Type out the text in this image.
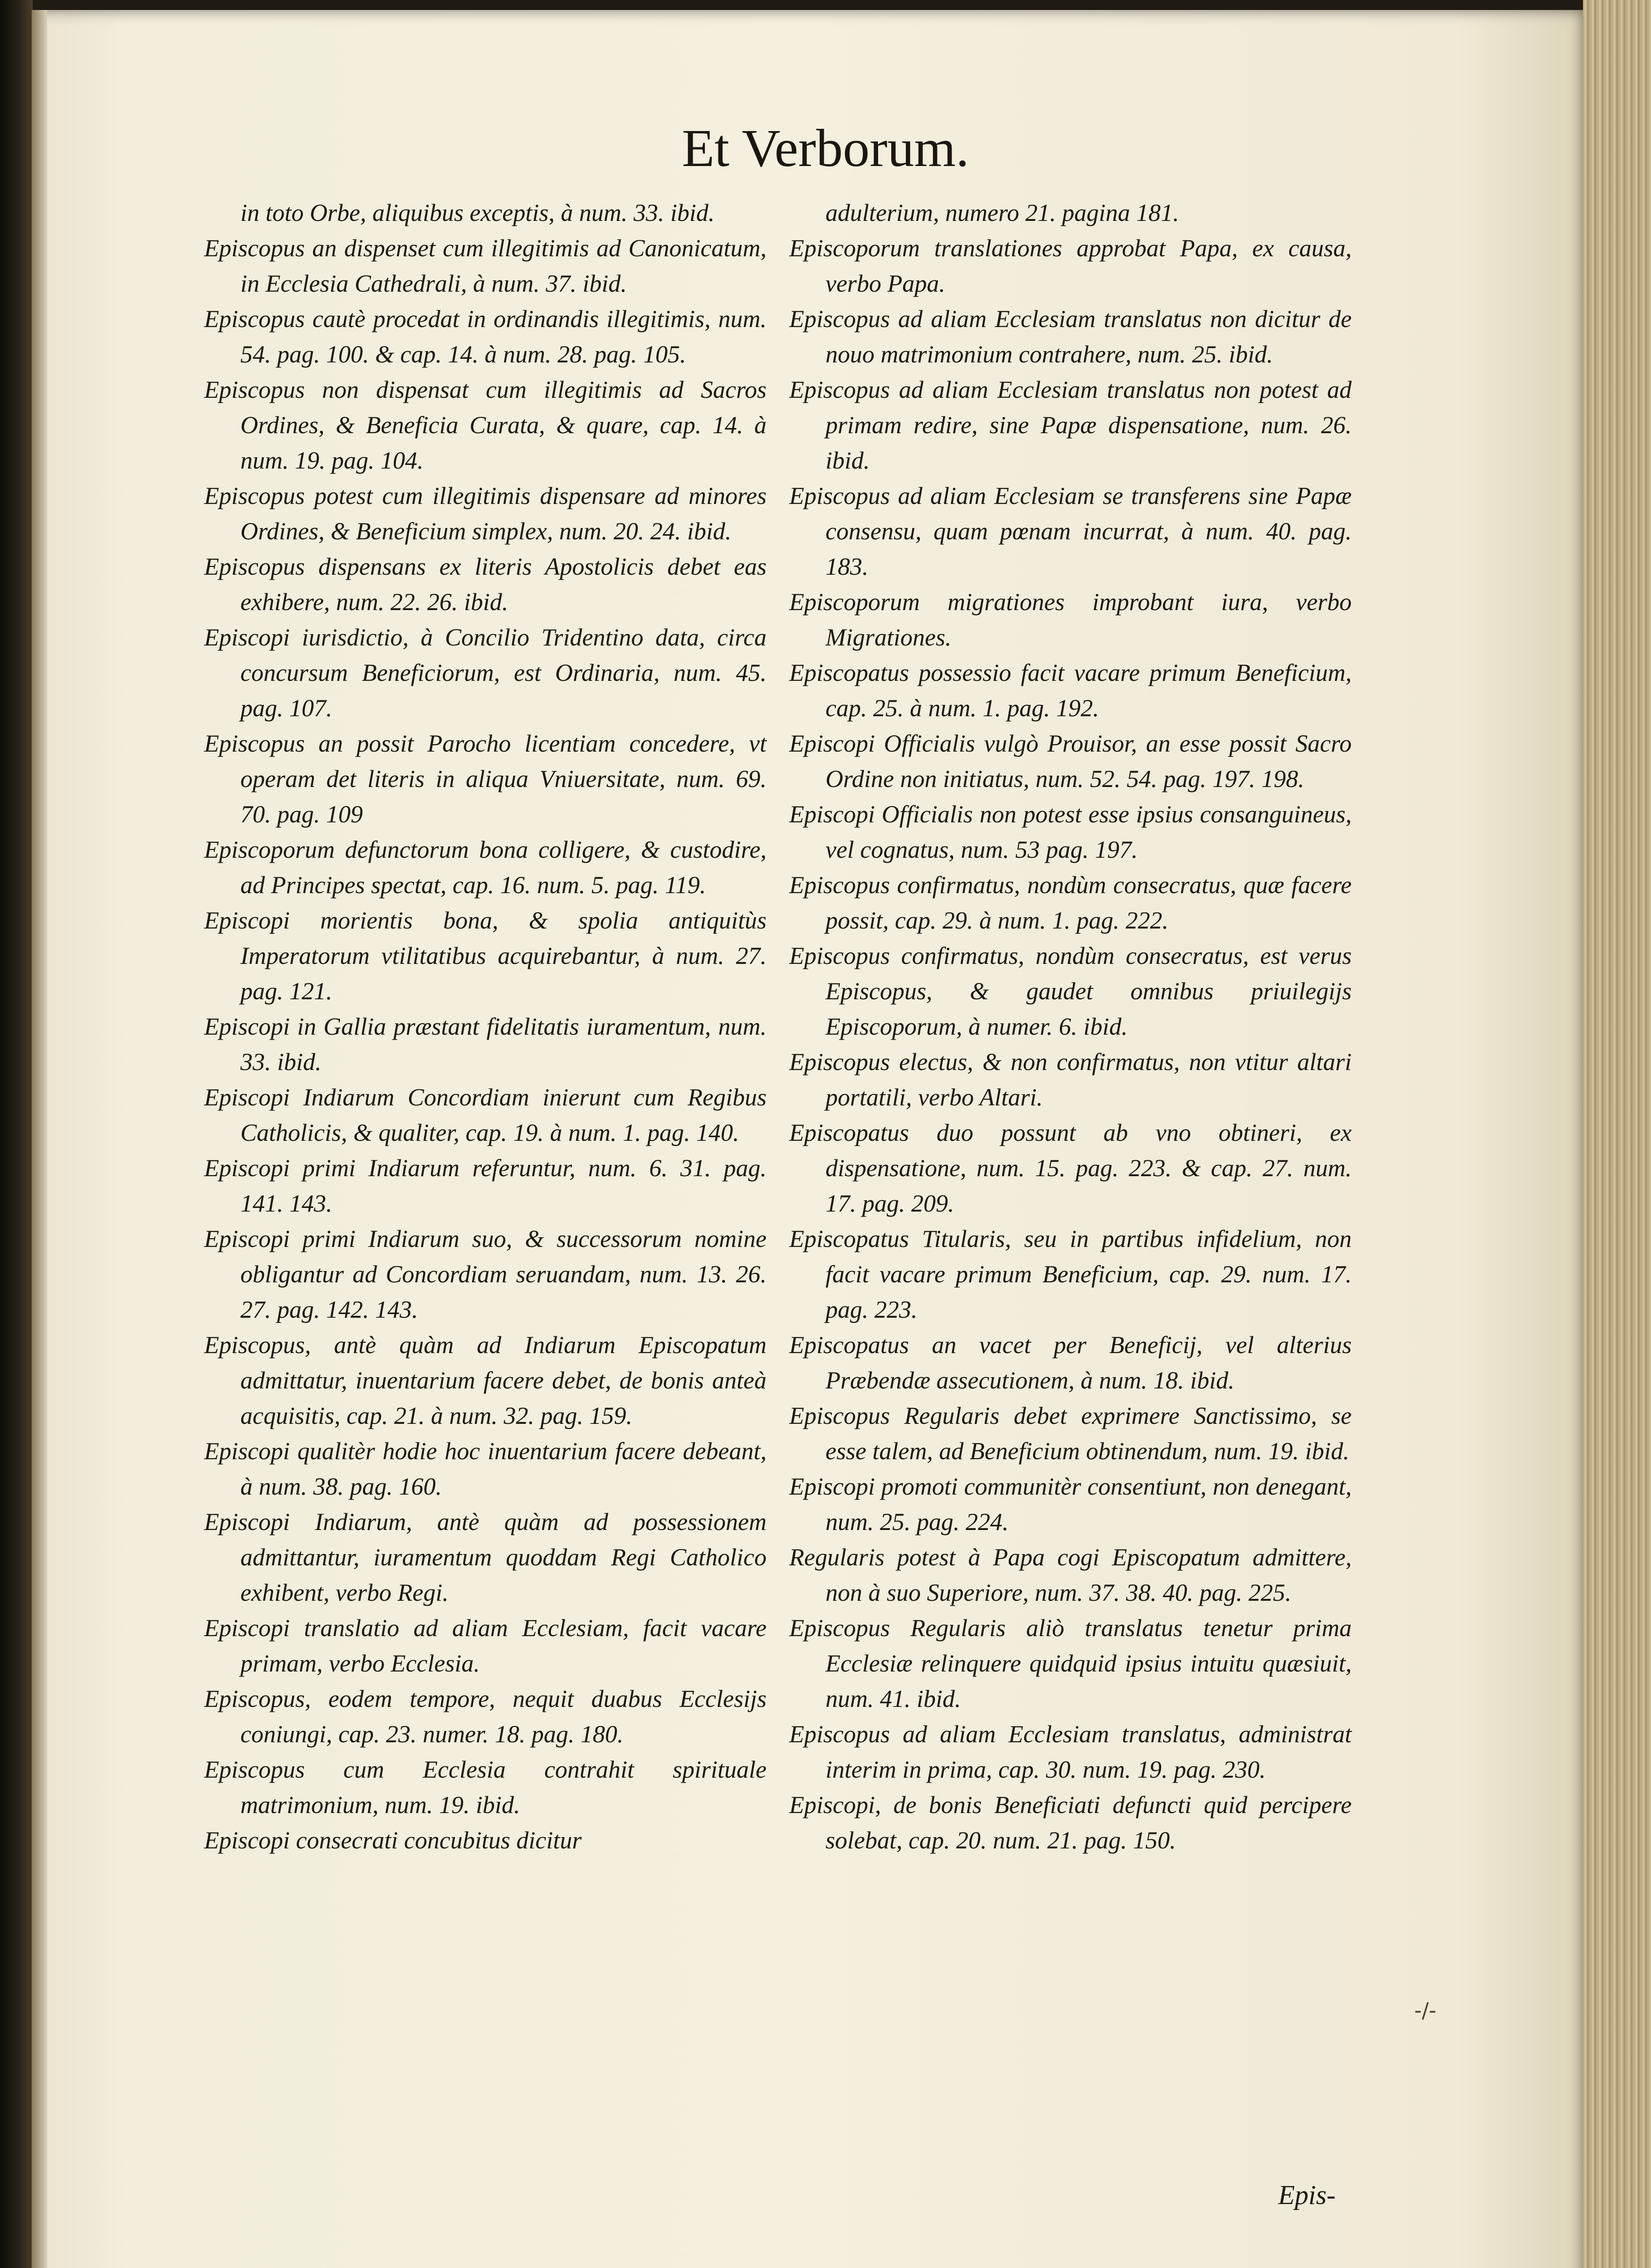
Et Verborum.
in toto Orbe, aliquibus exceptis, à num. 33. ibid.
Episcopus an dispenset cum illegitimis ad Canonicatum, in Ecclesia Cathedrali, à num. 37. ibid.
Episcopus cautè procedat in ordinandis illegitimis, num. 54. pag. 100. & cap. 14. à num. 28. pag. 105.
Episcopus non dispensat cum illegitimis ad Sacros Ordines, & Beneficia Curata, & quare, cap. 14. à num. 19. pag. 104.
Episcopus potest cum illegitimis dispensare ad minores Ordines, & Beneficium simplex, num. 20. 24. ibid.
Episcopus dispensans ex literis Apostolicis debet eas exhibere, num. 22. 26. ibid.
Episcopi iurisdictio, à Concilio Tridentino data, circa concursum Beneficiorum, est Ordinaria, num. 45. pag. 107.
Episcopus an possit Parocho licentiam concedere, vt operam det literis in aliqua Vniuersitate, num. 69. 70. pag. 109
Episcoporum defunctorum bona colligere, & custodire, ad Principes spectat, cap. 16. num. 5. pag. 119.
Episcopi morientis bona, & spolia antiquitùs Imperatorum vtilitatibus acquirebantur, à num. 27. pag. 121.
Episcopi in Gallia præstant fidelitatis iuramentum, num. 33. ibid.
Episcopi Indiarum Concordiam inierunt cum Regibus Catholicis, & qualiter, cap. 19. à num. 1. pag. 140.
Episcopi primi Indiarum referuntur, num. 6. 31. pag. 141. 143.
Episcopi primi Indiarum suo, & successorum nomine obligantur ad Concordiam seruandam, num. 13. 26. 27. pag. 142. 143.
Episcopus, antè quàm ad Indiarum Episcopatum admittatur, inuentarium facere debet, de bonis anteà acquisitis, cap. 21. à num. 32. pag. 159.
Episcopi qualitèr hodie hoc inuentarium facere debeant, à num. 38. pag. 160.
Episcopi Indiarum, antè quàm ad possessionem admittantur, iuramentum quoddam Regi Catholico exhibent, verbo Regi.
Episcopi translatio ad aliam Ecclesiam, facit vacare primam, verbo Ecclesia.
Episcopus, eodem tempore, nequit duabus Ecclesijs coniungi, cap. 23. numer. 18. pag. 180.
Episcopus cum Ecclesia contrahit spirituale matrimonium, num. 19. ibid.
Episcopi consecrati concubitus dicitur
adulterium, numero 21. pagina 181.
Episcoporum translationes approbat Papa, ex causa, verbo Papa.
Episcopus ad aliam Ecclesiam translatus non dicitur de nouo matrimonium contrahere, num. 25. ibid.
Episcopus ad aliam Ecclesiam translatus non potest ad primam redire, sine Papæ dispensatione, num. 26. ibid.
Episcopus ad aliam Ecclesiam se transferens sine Papæ consensu, quam pœnam incurrat, à num. 40. pag. 183.
Episcoporum migrationes improbant iura, verbo Migrationes.
Episcopatus possessio facit vacare primum Beneficium, cap. 25. à num. 1. pag. 192.
Episcopi Officialis vulgò Prouisor, an esse possit Sacro Ordine non initiatus, num. 52. 54. pag. 197. 198.
Episcopi Officialis non potest esse ipsius consanguineus, vel cognatus, num. 53 pag. 197.
Episcopus confirmatus, nondùm consecratus, quæ facere possit, cap. 29. à num. 1. pag. 222.
Episcopus confirmatus, nondùm consecratus, est verus Episcopus, & gaudet omnibus priuilegijs Episcoporum, à numer. 6. ibid.
Episcopus electus, & non confirmatus, non vtitur altari portatili, verbo Altari.
Episcopatus duo possunt ab vno obtineri, ex dispensatione, num. 15. pag. 223. & cap. 27. num. 17. pag. 209.
Episcopatus Titularis, seu in partibus infidelium, non facit vacare primum Beneficium, cap. 29. num. 17. pag. 223.
Episcopatus an vacet per Beneficij, vel alterius Præbendæ assecutionem, à num. 18. ibid.
Episcopus Regularis debet exprimere Sanctissimo, se esse talem, ad Beneficium obtinendum, num. 19. ibid.
Episcopi promoti communitèr consentiunt, non denegant, num. 25. pag. 224.
Regularis potest à Papa cogi Episcopatum admittere, non à suo Superiore, num. 37. 38. 40. pag. 225.
Episcopus Regularis aliò translatus tenetur prima Ecclesiæ relinquere quidquid ipsius intuitu quæsiuit, num. 41. ibid.
Episcopus ad aliam Ecclesiam translatus, administrat interim in prima, cap. 30. num. 19. pag. 230.
Episcopi, de bonis Beneficiati defuncti quid percipere solebat, cap. 20. num. 21. pag. 150.
Epis-
-/-
